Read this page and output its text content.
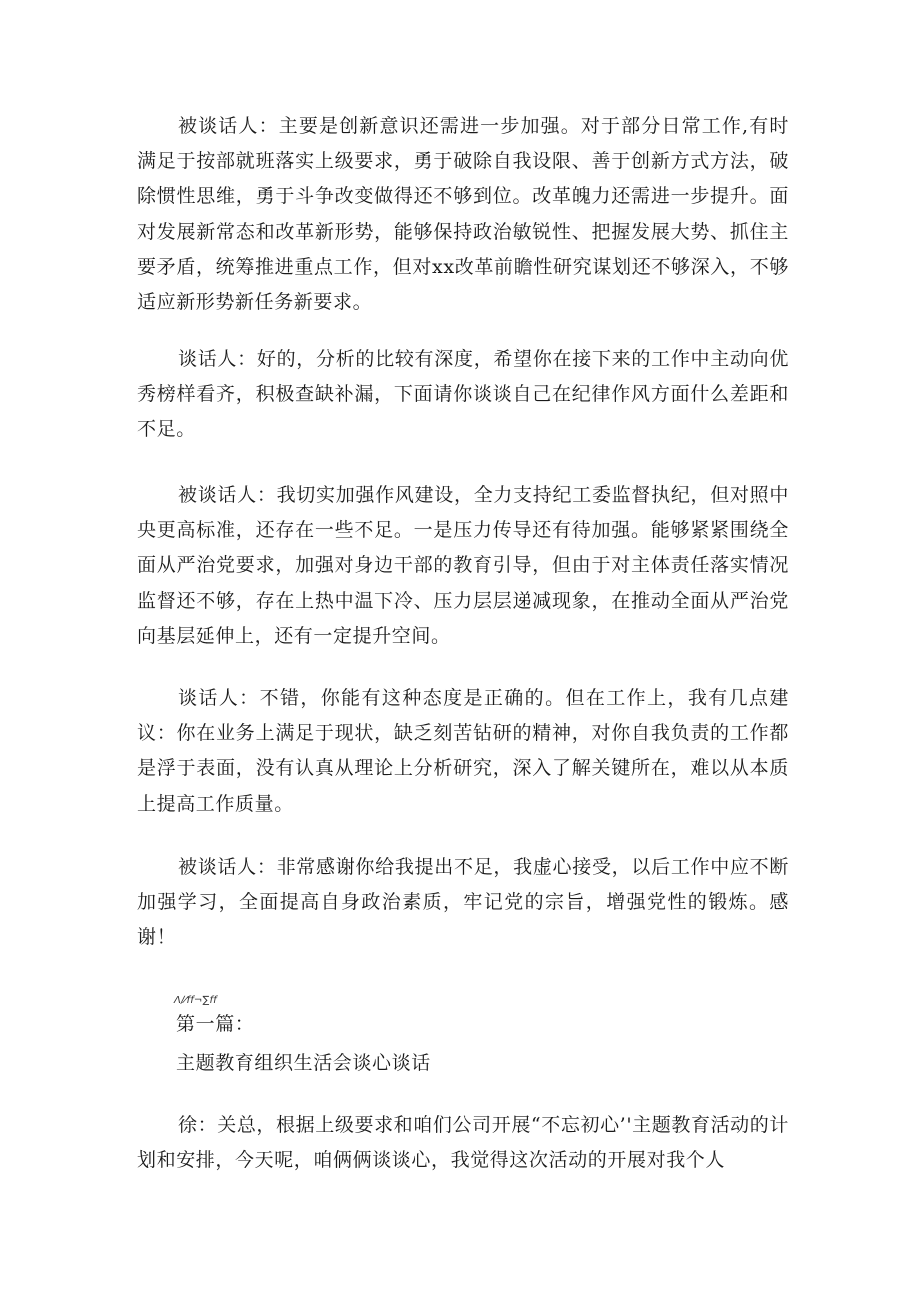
被谈话人：主要是创新意识还需进一步加强。对于部分日常工作,有时满足于按部就班落实上级要求，勇于破除自我设限、善于创新方式方法，破除惯性思维，勇于斗争改变做得还不够到位。改革魄力还需进一步提升。面对发展新常态和改革新形势，能够保持政治敏锐性、把握发展大势、抓住主要矛盾，统筹推进重点工作，但对xx改革前瞻性研究谋划还不够深入，不够适应新形势新任务新要求。

谈话人：好的，分析的比较有深度，希望你在接下来的工作中主动向优秀榜样看齐，积极查缺补漏，下面请你谈谈自己在纪律作风方面什么差距和不足。

被谈话人：我切实加强作风建设，全力支持纪工委监督执纪，但对照中央更高标准，还存在一些不足。一是压力传导还有待加强。能够紧紧围绕全面从严治党要求，加强对身边干部的教育引导，但由于对主体责任落实情况监督还不够，存在上热中温下冷、压力层层递减现象，在推动全面从严治党向基层延伸上，还有一定提升空间。

谈话人：不错，你能有这种态度是正确的。但在工作上，我有几点建议：你在业务上满足于现状，缺乏刻苦钻研的精神，对你自我负责的工作都是浮于表面，没有认真从理论上分析研究，深入了解关键所在，难以从本质上提高工作质量。

被谈话人：非常感谢你给我提出不足，我虚心接受，以后工作中应不断加强学习，全面提高自身政治素质，牢记党的宗旨，增强党性的锻炼。感谢！

Λ∕⁄ff¬∑ff

第一篇：

主题教育组织生活会谈心谈话

徐：关总，根据上级要求和咱们公司开展“不忘初心’'主题教育活动的计划和安排，今天呢，咱俩俩谈谈心，我觉得这次活动的开展对我个人
